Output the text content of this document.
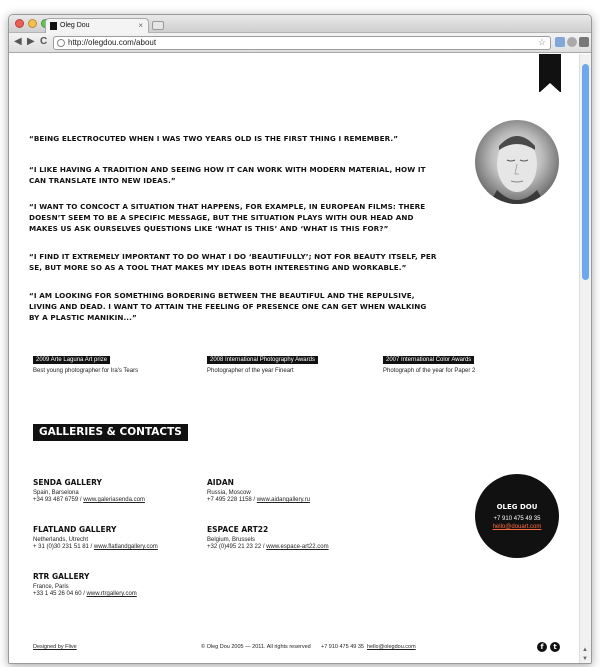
Oleg Dou	×
◀ ▶ C	http://olegdou.com/about	☆

“BEING ELECTROCUTED WHEN I WAS TWO YEARS OLD IS THE FIRST THING I REMEMBER.”

“I LIKE HAVING A TRADITION AND SEEING HOW IT CAN WORK WITH MODERN MATERIAL, HOW IT CAN TRANSLATE INTO NEW IDEAS.”

“I WANT TO CONCOCT A SITUATION THAT HAPPENS, FOR EXAMPLE, IN EUROPEAN FILMS: THERE DOESN’T SEEM TO BE A SPECIFIC MESSAGE, BUT THE SITUATION PLAYS WITH OUR HEAD AND MAKES US ASK OURSELVES QUESTIONS LIKE ‘WHAT IS THIS’ AND ‘WHAT IS THIS FOR?”

“I FIND IT EXTREMELY IMPORTANT TO DO WHAT I DO ‘BEAUTIFULLY’; NOT FOR BEAUTY ITSELF, PER SE, BUT MORE SO AS A TOOL THAT MAKES MY IDEAS BOTH INTERESTING AND WORKABLE.”

“I AM LOOKING FOR SOMETHING BORDERING BETWEEN THE BEAUTIFUL AND THE REPULSIVE, LIVING AND DEAD. I WANT TO ATTAIN THE FEELING OF PRESENCE ONE CAN GET WHEN WALKING BY A PLASTIC MANIKIN...”

2009 Arte Laguna Art prize
Best young photographer for Ira's Tears
2008 International Photography Awards
Photographer of the year Fineart
2007 International Color Awards
Photograph of the year for Paper 2
GALLERIES & CONTACTS
SENDA GALLERY
Spain, Barselona
+34 93 487 6759 / www.galeriasenda.com
AIDAN
Russia, Moscow
+7 495 228 1158 / www.aidangallery.ru
FLATLAND GALLERY
Netherlands, Utrecht
+ 31 (0)30 231 51 81 / www.flatlandgallery.com
ESPACE ART22
Belgium, Brussels
+32 (0)495 21 23 22 / www.espace-art22.com
RTR GALLERY
France, Paris
+33 1 45 26 04 60 / www.rtrgallery.com
OLEG DOU
+7 910 475 49 35
hello@douart.com
Designed by Flive	© Oleg Dou 2005 — 2011. All rights reserved +7 910 475 49 35 hello@olegdou.com	f	t	▲
▼
